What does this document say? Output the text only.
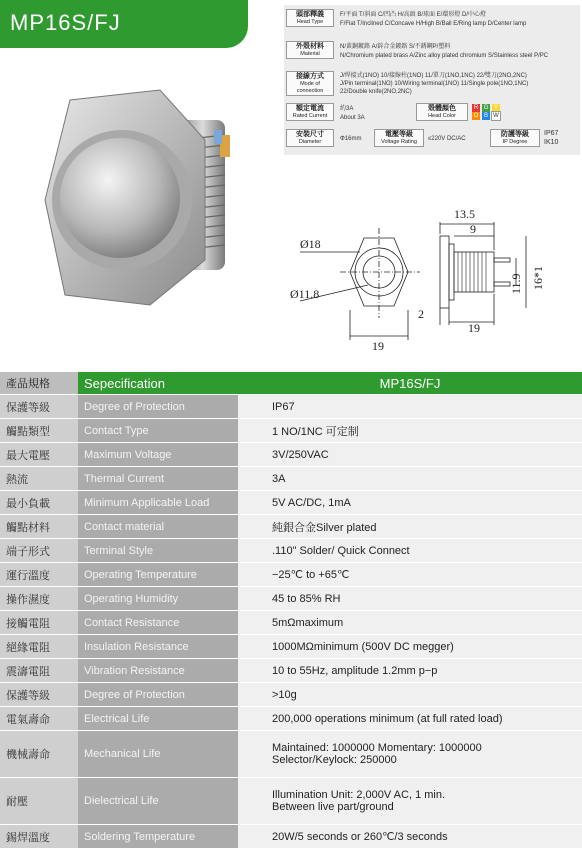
MP16S/FJ	頭部釋義
Head Type
F/平面 T/斜面 C/凹凸 H/高頭 B/球面 E/環形燈 D/中心燈
F/Flat T/Inclined C/Concave H/High B/Ball E/Ring lamp D/Center lamp
外殼材料
Material
N/黃銅鍍鉻 A/鋅合金鍍鉻 S/不銹鋼P/塑料
N/Chromium plated brass A/Zinc alloy plated chromium S/Stainless steel P/PC
接線方式
Mode of connection
J/焊接式(1NO) 10/接線柱(1NO) 11/單刀(1NO,1NC) 22/雙刀(2NO,2NC)
J/Pin terminal(1NO) 10/Wiring terminal(1NO) 11/Single pole(1NO,1NC)
22/Double knife(2NO,2NC)
額定電流
Rated Current
約3A
About 3A
殼體顏色
Head Color
R G Y
O B W
安裝尺寸
Diameter	Φ16mm
電壓等級
Voltage Rating	≤220V DC/AC
防護等級
IP Degree
IP67
IK10
Ø18
Ø11.8
19
13.5
9
2
19
11.9 16*1
產品規格	Sepecification	MP16S/FJ
保護等級	Degree of Protection	IP67

觸點類型	Contact Type	1 NO/1NC 可定制

最大電壓	Maximum Voltage	3V/250VAC

熱流	Thermal Current	3A

最小負載	Minimum Applicable Load	5V AC/DC, 1mA

觸點材料	Contact material	純銀合金Silver plated

端子形式	Terminal Style	.110" Solder/ Quick Connect

運行溫度	Operating Temperature	−25℃ to +65℃

操作濕度	Operating Humidity	45 to 85% RH

接觸電阻	Contact Resistance	5mΩmaximum

絕緣電阻	Insulation Resistance	1000MΩminimum (500V DC megger)

震濤電阻	Vibration Resistance	10 to 55Hz, amplitude 1.2mm p−p

保護等級	Degree of Protection	>10g

電氣壽命	Electrical Life	200,000 operations minimum (at full rated load)

機械壽命	Mechanical Life	Maintained: 1000000 Momentary: 1000000
Selector/Keylock: 250000

耐壓	Dielectrical Life	Illumination Unit: 2,000V AC, 1 min.
Between live part/ground

錫焊溫度	Soldering Temperature	20W/5 seconds or 260℃/3 seconds
